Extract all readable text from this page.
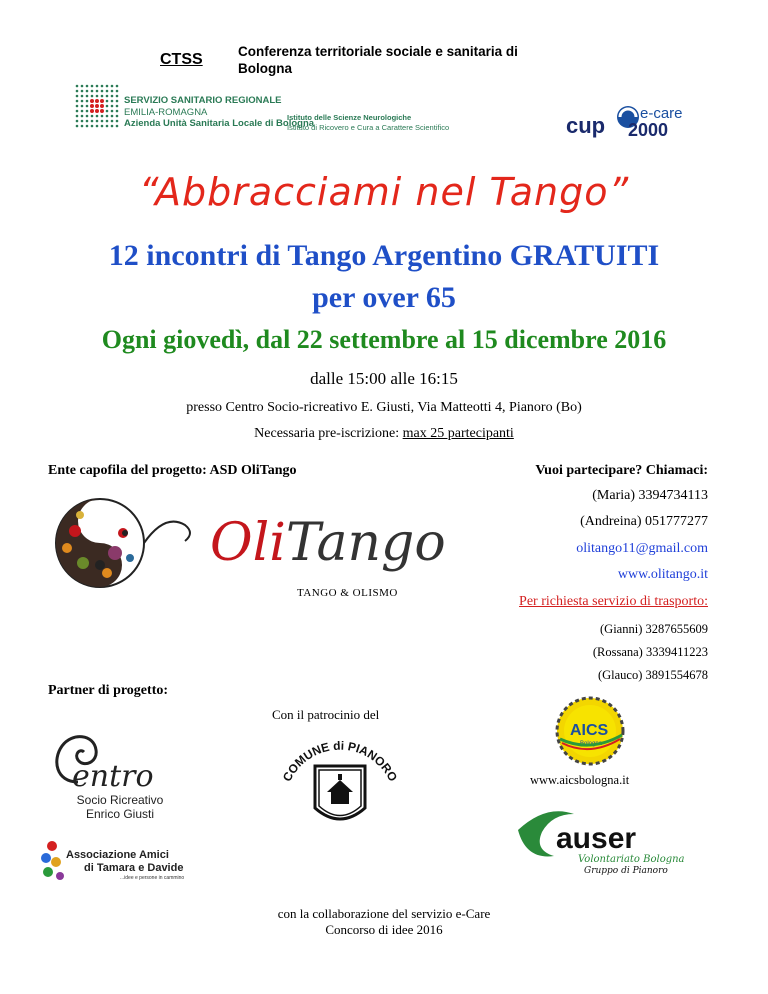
CTSS	Conferenza territoriale sociale e sanitaria di
Bologna
SERVIZIO SANITARIO REGIONALE
EMILIA-ROMAGNA
Azienda Unità Sanitaria Locale di Bologna
Istituto delle Scienze Neurologiche
Istituto di Ricovero e Cura a Carattere Scientifico	cup e-care
2000
“Abbracciami nel Tango”
12 incontri di Tango Argentino GRATUITI
per over 65
Ogni giovedì, dal 22 settembre al 15 dicembre 2016
dalle 15:00 alle 16:15
presso Centro Socio-ricreativo E. Giusti, Via Matteotti 4, Pianoro (Bo)
Necessaria pre-iscrizione: max 25 partecipanti
Ente capofila del progetto: ASD OliTango
OliTango
TANGO & OLISMO
Vuoi partecipare? Chiamaci:
(Maria) 3394734113
(Andreina) 051777277
olitango11@gmail.com
www.olitango.it
Per richiesta servizio di trasporto:
(Gianni) 3287655609
(Rossana) 3339411223
(Glauco) 3891554678
Partner di progetto:
Con il patrocinio del
entro
Socio Ricreativo
Enrico Giusti
COMUNE di PIANORO
AICS
Bologna
www.aicsbologna.it
auser
Volontariato Bologna
Gruppo di Pianoro
Associazione Amici
di Tamara e Davide
...idee e persone in cammino
con la collaborazione del servizio e-Care
Concorso di idee 2016
